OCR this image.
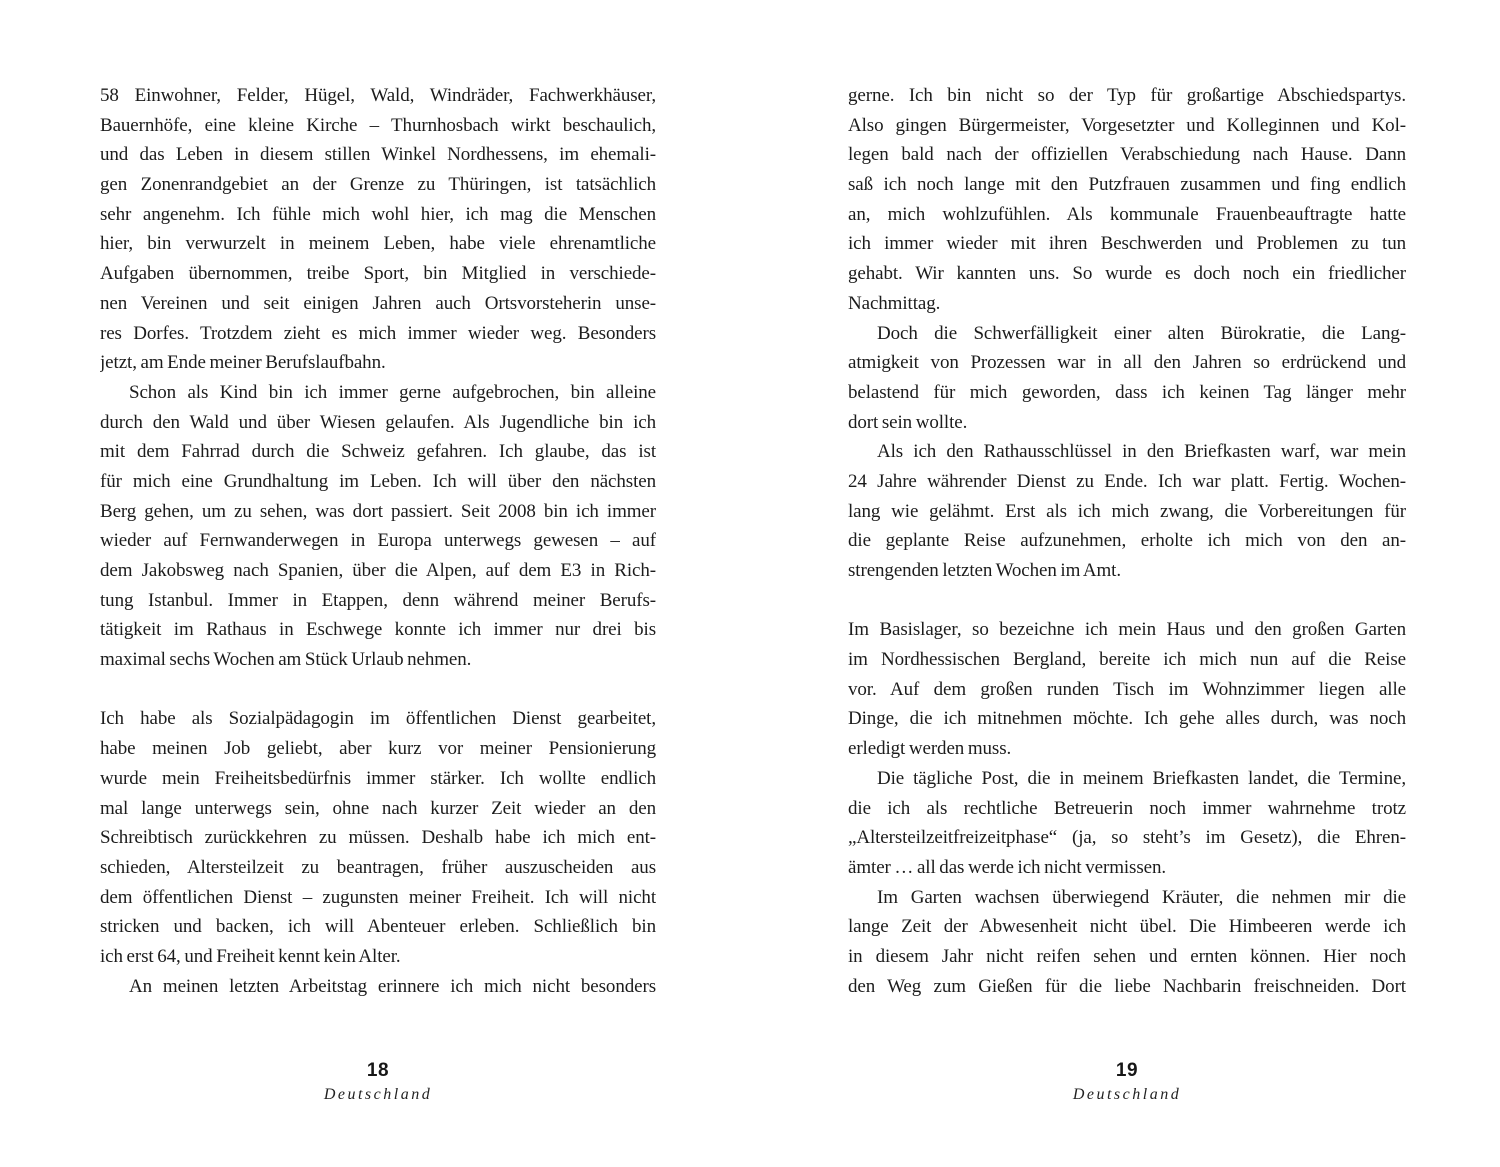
58 Einwohner, Felder, Hügel, Wald, Windräder, Fachwerkhäuser,
Bauernhöfe, eine kleine Kirche – Thurnhosbach wirkt beschaulich,
und das Leben in diesem stillen Winkel Nordhessens, im ehemali-
gen Zonenrandgebiet an der Grenze zu Thüringen, ist tatsächlich
sehr angenehm. Ich fühle mich wohl hier, ich mag die Menschen
hier, bin verwurzelt in meinem Leben, habe viele ehrenamtliche
Aufgaben übernommen, treibe Sport, bin Mitglied in verschiede-
nen Vereinen und seit einigen Jahren auch Ortsvorsteherin unse-
res Dorfes. Trotzdem zieht es mich immer wieder weg. Besonders
jetzt, am Ende meiner Berufslaufbahn.
Schon als Kind bin ich immer gerne aufgebrochen, bin alleine
durch den Wald und über Wiesen gelaufen. Als Jugendliche bin ich
mit dem Fahrrad durch die Schweiz gefahren. Ich glaube, das ist
für mich eine Grundhaltung im Leben. Ich will über den nächsten
Berg gehen, um zu sehen, was dort passiert. Seit 2008 bin ich immer
wieder auf Fernwanderwegen in Europa unterwegs gewesen – auf
dem Jakobsweg nach Spanien, über die Alpen, auf dem E3 in Rich-
tung Istanbul. Immer in Etappen, denn während meiner Berufs-
tätigkeit im Rathaus in Eschwege konnte ich immer nur drei bis
maximal sechs Wochen am Stück Urlaub nehmen.
Ich habe als Sozialpädagogin im öffentlichen Dienst gearbeitet,
habe meinen Job geliebt, aber kurz vor meiner Pensionierung
wurde mein Freiheitsbedürfnis immer stärker. Ich wollte endlich
mal lange unterwegs sein, ohne nach kurzer Zeit wieder an den
Schreibtisch zurückkehren zu müssen. Deshalb habe ich mich ent-
schieden, Altersteilzeit zu beantragen, früher auszuscheiden aus
dem öffentlichen Dienst – zugunsten meiner Freiheit. Ich will nicht
stricken und backen, ich will Abenteuer erleben. Schließlich bin
ich erst 64, und Freiheit kennt kein Alter.
An meinen letzten Arbeitstag erinnere ich mich nicht besonders
18
Deutschland
gerne. Ich bin nicht so der Typ für großartige Abschiedspartys.
Also gingen Bürgermeister, Vorgesetzter und Kolleginnen und Kol-
legen bald nach der offiziellen Verabschiedung nach Hause. Dann
saß ich noch lange mit den Putzfrauen zusammen und fing endlich
an, mich wohlzufühlen. Als kommunale Frauenbeauftragte hatte
ich immer wieder mit ihren Beschwerden und Problemen zu tun
gehabt. Wir kannten uns. So wurde es doch noch ein friedlicher
Nachmittag.
Doch die Schwerfälligkeit einer alten Bürokratie, die Lang-
atmigkeit von Prozessen war in all den Jahren so erdrückend und
belastend für mich geworden, dass ich keinen Tag länger mehr
dort sein wollte.
Als ich den Rathausschlüssel in den Briefkasten warf, war mein
24 Jahre währender Dienst zu Ende. Ich war platt. Fertig. Wochen-
lang wie gelähmt. Erst als ich mich zwang, die Vorbereitungen für
die geplante Reise aufzunehmen, erholte ich mich von den an-
strengenden letzten Wochen im Amt.
Im Basislager, so bezeichne ich mein Haus und den großen Garten
im Nordhessischen Bergland, bereite ich mich nun auf die Reise
vor. Auf dem großen runden Tisch im Wohnzimmer liegen alle
Dinge, die ich mitnehmen möchte. Ich gehe alles durch, was noch
erledigt werden muss.
Die tägliche Post, die in meinem Briefkasten landet, die Termine,
die ich als rechtliche Betreuerin noch immer wahrnehme trotz
„Altersteilzeitfreizeitphase“ (ja, so steht’s im Gesetz), die Ehren-
ämter … all das werde ich nicht vermissen.
Im Garten wachsen überwiegend Kräuter, die nehmen mir die
lange Zeit der Abwesenheit nicht übel. Die Himbeeren werde ich
in diesem Jahr nicht reifen sehen und ernten können. Hier noch
den Weg zum Gießen für die liebe Nachbarin freischneiden. Dort
19
Deutschland
